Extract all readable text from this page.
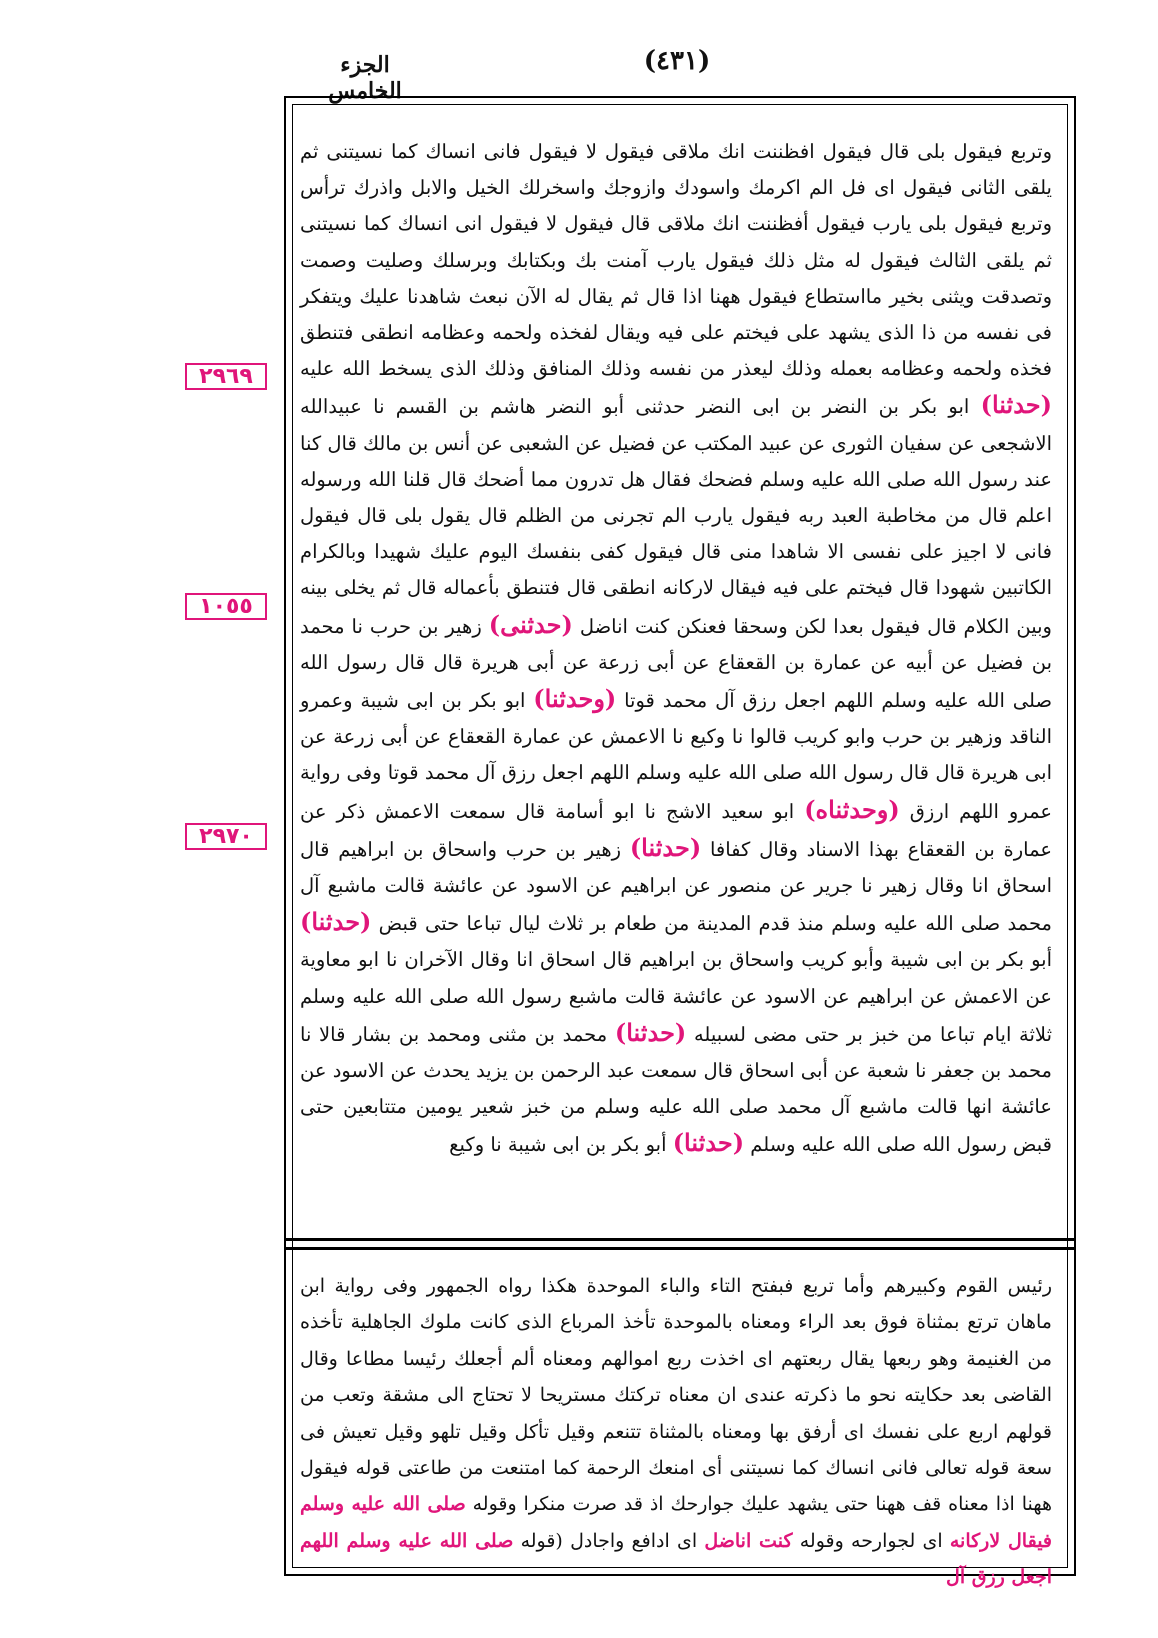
(٤٣١)
الجزء الخامس
٢٩٦٩
١٠٥٥
٢٩٧٠

وتربع فيقول بلى قال فيقول افظننت انك ملاقى فيقول لا فيقول فانى انساك كما نسيتنى ثم يلقى الثانى فيقول اى فل الم اكرمك واسودك وازوجك واسخرلك الخيل والابل واذرك ترأس وتربع فيقول بلى يارب فيقول أفظننت انك ملاقى قال فيقول لا فيقول انى انساك كما نسيتنى ثم يلقى الثالث فيقول له مثل ذلك فيقول يارب آمنت بك وبكتابك وبرسلك وصليت وصمت وتصدقت ويثنى بخير مااستطاع فيقول ههنا اذا قال ثم يقال له الآن نبعث شاهدنا عليك ويتفكر فى نفسه من ذا الذى يشهد على فيختم على فيه ويقال لفخذه ولحمه وعظامه انطقى فتنطق فخذه ولحمه وعظامه بعمله وذلك ليعذر من نفسه وذلك المنافق وذلك الذى يسخط الله عليه (حدثنا) ابو بكر بن النضر بن ابى النضر حدثنى أبو النضر هاشم بن القسم نا عبيدالله الاشجعى عن سفيان الثورى عن عبيد المكتب عن فضيل عن الشعبى عن أنس بن مالك قال كنا عند رسول الله صلى الله عليه وسلم فضحك فقال هل تدرون مما أضحك قال قلنا الله ورسوله اعلم قال من مخاطبة العبد ربه فيقول يارب الم تجرنى من الظلم قال يقول بلى قال فيقول فانى لا اجيز على نفسى الا شاهدا منى قال فيقول كفى بنفسك اليوم عليك شهيدا وبالكرام الكاتبين شهودا قال فيختم على فيه فيقال لاركانه انطقى قال فتنطق بأعماله قال ثم يخلى بينه وبين الكلام قال فيقول بعدا لكن وسحقا فعنكن كنت اناضل (حدثنى) زهير بن حرب نا محمد بن فضيل عن أبيه عن عمارة بن القعقاع عن أبى زرعة عن أبى هريرة قال قال رسول الله صلى الله عليه وسلم اللهم اجعل رزق آل محمد قوتا (وحدثنا) ابو بكر بن ابى شيبة وعمرو الناقد وزهير بن حرب وابو كريب قالوا نا وكيع نا الاعمش عن عمارة القعقاع عن أبى زرعة عن ابى هريرة قال قال رسول الله صلى الله عليه وسلم اللهم اجعل رزق آل محمد قوتا وفى رواية عمرو اللهم ارزق (وحدثناه) ابو سعيد الاشج نا ابو أسامة قال سمعت الاعمش ذكر عن عمارة بن القعقاع بهذا الاسناد وقال كفافا (حدثنا) زهير بن حرب واسحاق بن ابراهيم قال اسحاق انا وقال زهير نا جرير عن منصور عن ابراهيم عن الاسود عن عائشة قالت ماشبع آل محمد صلى الله عليه وسلم منذ قدم المدينة من طعام بر ثلاث ليال تباعا حتى قبض (حدثنا) أبو بكر بن ابى شيبة وأبو كريب واسحاق بن ابراهيم قال اسحاق انا وقال الآخران نا ابو معاوية عن الاعمش عن ابراهيم عن الاسود عن عائشة قالت ماشبع رسول الله صلى الله عليه وسلم ثلاثة ايام تباعا من خبز بر حتى مضى لسبيله (حدثنا) محمد بن مثنى ومحمد بن بشار قالا نا محمد بن جعفر نا شعبة عن أبى اسحاق قال سمعت عبد الرحمن بن يزيد يحدث عن الاسود عن عائشة انها قالت ماشبع آل محمد صلى الله عليه وسلم من خبز شعير يومين متتابعين حتى قبض رسول الله صلى الله عليه وسلم (حدثنا) أبو بكر بن ابى شيبة نا وكيع

رئيس القوم وكبيرهم وأما تربع فبفتح التاء والباء الموحدة هكذا رواه الجمهور وفى رواية ابن ماهان ترتع بمثناة فوق بعد الراء ومعناه بالموحدة تأخذ المرباع الذى كانت ملوك الجاهلية تأخذه من الغنيمة وهو ربعها يقال ربعتهم اى اخذت ربع اموالهم ومعناه ألم أجعلك رئيسا مطاعا وقال القاضى بعد حكايته نحو ما ذكرته عندى ان معناه تركتك مستريحا لا تحتاج الى مشقة وتعب من قولهم اربع على نفسك اى أرفق بها ومعناه بالمثناة تتنعم وقيل تأكل وقيل تلهو وقيل تعيش فى سعة قوله تعالى فانى انساك كما نسيتنى أى امنعك الرحمة كما امتنعت من طاعتى قوله فيقول ههنا اذا معناه قف ههنا حتى يشهد عليك جوارحك اذ قد صرت منكرا وقوله صلى الله عليه وسلم فيقال لاركانه اى لجوارحه وقوله كنت اناضل اى ادافع واجادل (قوله صلى الله عليه وسلم اللهم اجعل رزق آل
